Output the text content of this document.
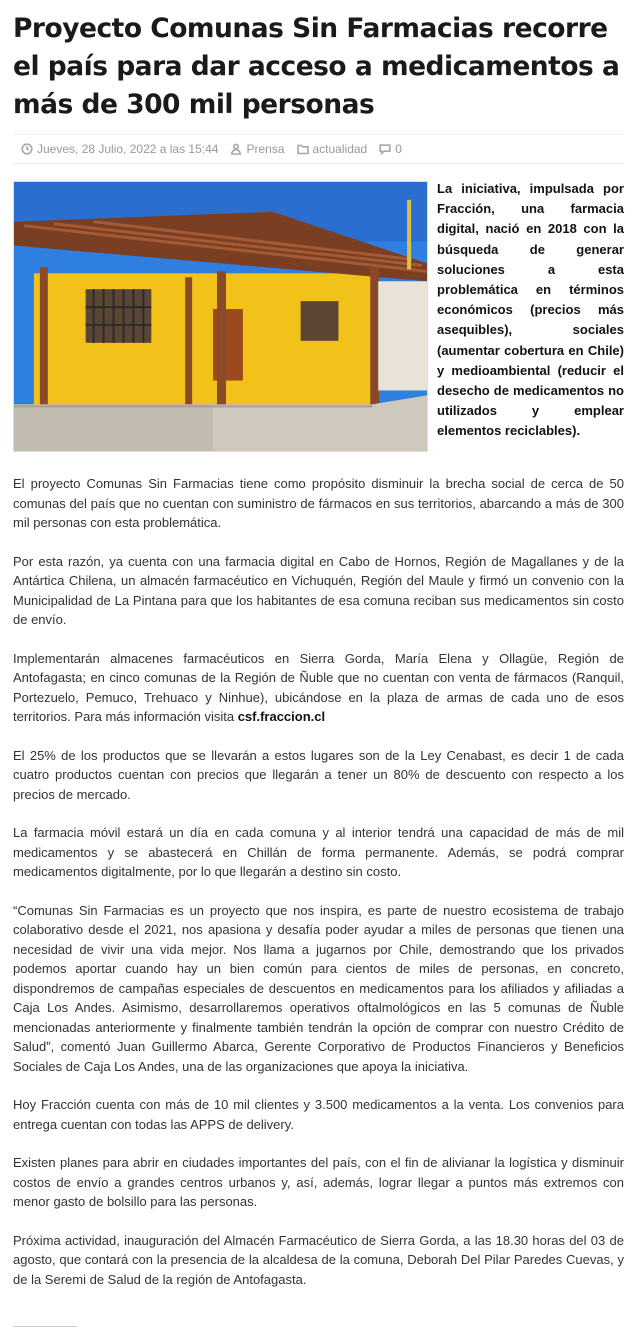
Proyecto Comunas Sin Farmacias recorre el país para dar acceso a medicamentos a más de 300 mil personas
Jueves, 28 Julio, 2022 a las 15:44 Prensa actualidad 0

La iniciativa, impulsada por Fracción, una farmacia digital, nació en 2018 con la búsqueda de generar soluciones a esta problemática en términos económicos (precios más asequibles), sociales (aumentar cobertura en Chile) y medioambiental (reducir el desecho de medicamentos no utilizados y emplear elementos reciclables).

El proyecto Comunas Sin Farmacias tiene como propósito disminuir la brecha social de cerca de 50 comunas del país que no cuentan con suministro de fármacos en sus territorios, abarcando a más de 300 mil personas con esta problemática.

Por esta razón, ya cuenta con una farmacia digital en Cabo de Hornos, Región de Magallanes y de la Antártica Chilena, un almacén farmacéutico en Vichuquén, Región del Maule y firmó un convenio con la Municipalidad de La Pintana para que los habitantes de esa comuna reciban sus medicamentos sin costo de envío.

Implementarán almacenes farmacéuticos en Sierra Gorda, María Elena y Ollagüe, Región de Antofagasta; en cinco comunas de la Región de Ñuble que no cuentan con venta de fármacos (Ranquil, Portezuelo, Pemuco, Trehuaco y Ninhue), ubicándose en la plaza de armas de cada uno de esos territorios. Para más información visita csf.fraccion.cl

El 25% de los productos que se llevarán a estos lugares son de la Ley Cenabast, es decir 1 de cada cuatro productos cuentan con precios que llegarán a tener un 80% de descuento con respecto a los precios de mercado.

La farmacia móvil estará un día en cada comuna y al interior tendrá una capacidad de más de mil medicamentos y se abastecerá en Chillán de forma permanente. Además, se podrá comprar medicamentos digitalmente, por lo que llegarán a destino sin costo.

“Comunas Sin Farmacias es un proyecto que nos inspira, es parte de nuestro ecosistema de trabajo colaborativo desde el 2021, nos apasiona y desafía poder ayudar a miles de personas que tienen una necesidad de vivir una vida mejor. Nos llama a jugarnos por Chile, demostrando que los privados podemos aportar cuando hay un bien común para cientos de miles de personas, en concreto, dispondremos de campañas especiales de descuentos en medicamentos para los afiliados y afiliadas a Caja Los Andes. Asimismo, desarrollaremos operativos oftalmológicos en las 5 comunas de Ñuble mencionadas anteriormente y finalmente también tendrán la opción de comprar con nuestro Crédito de Salud”, comentó Juan Guillermo Abarca, Gerente Corporativo de Productos Financieros y Beneficios Sociales de Caja Los Andes, una de las organizaciones que apoya la iniciativa.

Hoy Fracción cuenta con más de 10 mil clientes y 3.500 medicamentos a la venta. Los convenios para entrega cuentan con todas las APPS de delivery.

Existen planes para abrir en ciudades importantes del país, con el fin de alivianar la logística y disminuir costos de envío a grandes centros urbanos y, así, además, lograr llegar a puntos más extremos con menor gasto de bolsillo para las personas.

Próxima actividad, inauguración del Almacén Farmacéutico de Sierra Gorda, a las 18.30 horas del 03 de agosto, que contará con la presencia de la alcaldesa de la comuna, Deborah Del Pilar Paredes Cuevas, y de la Seremi de Salud de la región de Antofagasta.
